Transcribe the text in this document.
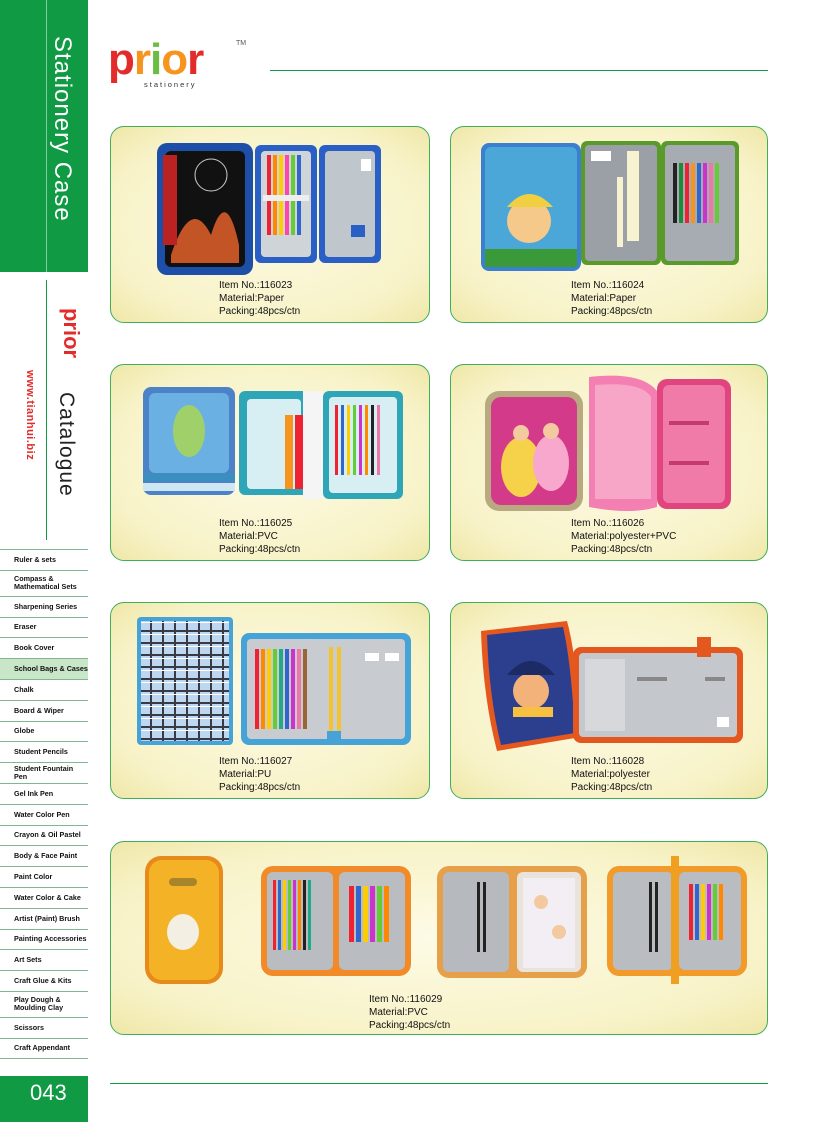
Stationery Case
prior
www.tianhui.biz Catalogue
Ruler & sets
Compass & Mathematical Sets
Sharpening Series
Eraser
Book Cover
School Bags & Cases
Chalk
Board & Wiper
Globe
Student Pencils
Student Fountain Pen
Gel Ink Pen
Water Color Pen
Crayon & Oil Pastel
Body & Face Paint
Paint Color
Water Color & Cake
Artist (Paint) Brush
Painting Accessories
Art Sets
Craft Glue & Kits
Play Dough & Moulding Clay
Scissors
Craft Appendant
043
prior	TM
stationery
Item No.:116023
Material:Paper
Packing:48pcs/ctn
Item No.:116024
Material:Paper
Packing:48pcs/ctn
Item No.:116025
Material:PVC
Packing:48pcs/ctn
Item No.:116026
Material:polyester+PVC
Packing:48pcs/ctn
Item No.:116027
Material:PU
Packing:48pcs/ctn
Item No.:116028
Material:polyester
Packing:48pcs/ctn
Item No.:116029
Material:PVC
Packing:48pcs/ctn
